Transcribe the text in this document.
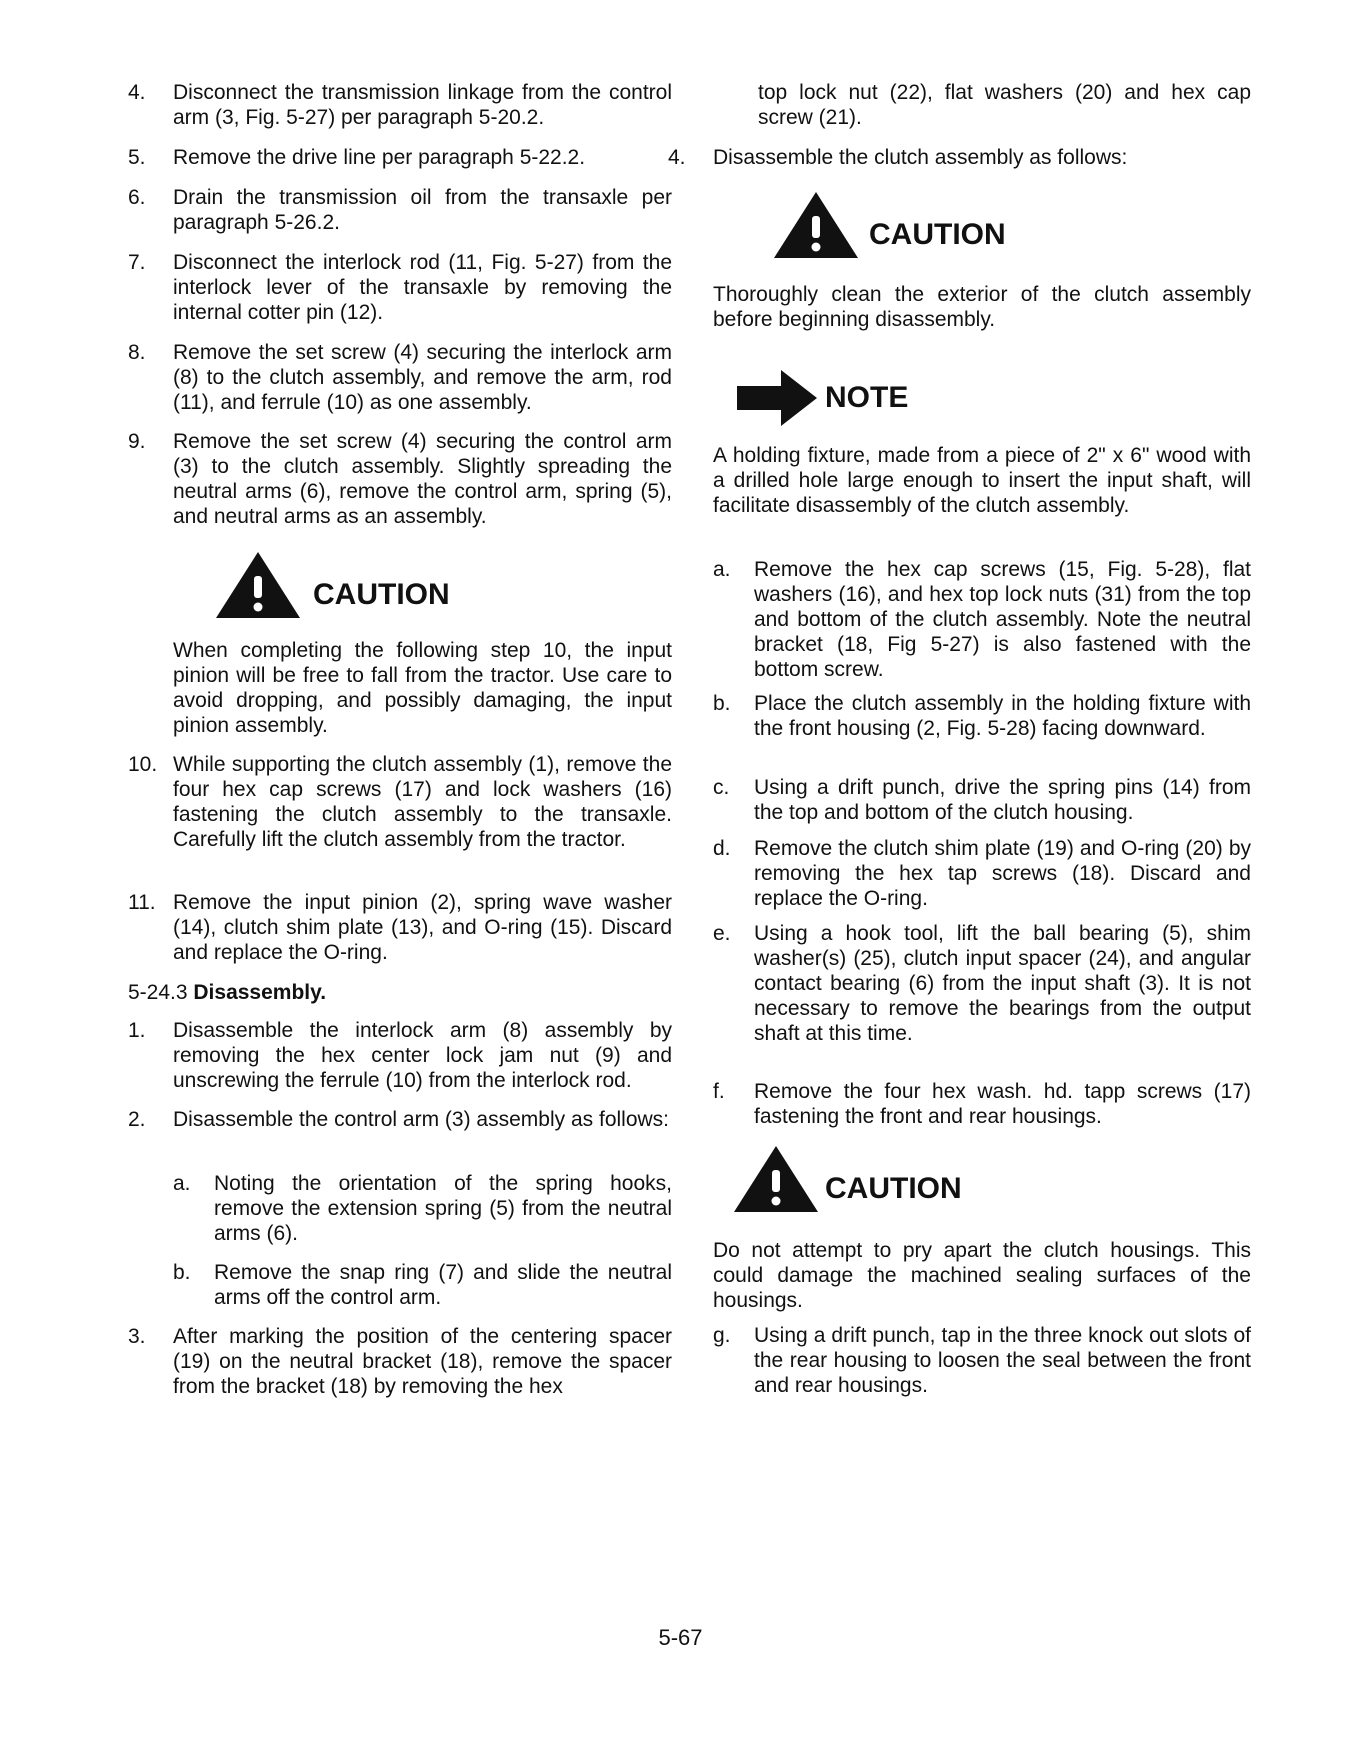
4. Disconnect the transmission linkage from the control arm (3, Fig. 5-27) per paragraph 5-20.2.
5. Remove the drive line per paragraph 5-22.2.
6. Drain the transmission oil from the transaxle per paragraph 5-26.2.
7. Disconnect the interlock rod (11, Fig. 5-27) from the interlock lever of the transaxle by removing the internal cotter pin (12).
8. Remove the set screw (4) securing the interlock arm (8) to the clutch assembly, and remove the arm, rod (11), and ferrule (10) as one assembly.
9. Remove the set screw (4) securing the control arm (3) to the clutch assembly. Slightly spreading the neutral arms (6), remove the control arm, spring (5), and neutral arms as an assembly.
CAUTION
When completing the following step 10, the input pinion will be free to fall from the tractor. Use care to avoid dropping, and possibly damaging, the input pinion assembly.
10. While supporting the clutch assembly (1), remove the four hex cap screws (17) and lock washers (16) fastening the clutch assembly to the transaxle. Carefully lift the clutch assembly from the tractor.
11. Remove the input pinion (2), spring wave washer (14), clutch shim plate (13), and O-ring (15). Discard and replace the O-ring.
5-24.3 Disassembly.
1. Disassemble the interlock arm (8) assembly by removing the hex center lock jam nut (9) and unscrewing the ferrule (10) from the interlock rod.
2. Disassemble the control arm (3) assembly as follows:
a. Noting the orientation of the spring hooks, remove the extension spring (5) from the neutral arms (6).
b. Remove the snap ring (7) and slide the neutral arms off the control arm.
3. After marking the position of the centering spacer (19) on the neutral bracket (18), remove the spacer from the bracket (18) by removing the hex
top lock nut (22), flat washers (20) and hex cap screw (21).
4. Disassemble the clutch assembly as follows:
CAUTION
Thoroughly clean the exterior of the clutch assembly before beginning disassembly.
NOTE
A holding fixture, made from a piece of 2" x 6" wood with a drilled hole large enough to insert the input shaft, will facilitate disassembly of the clutch assembly.
a. Remove the hex cap screws (15, Fig. 5-28), flat washers (16), and hex top lock nuts (31) from the top and bottom of the clutch assembly. Note the neutral bracket (18, Fig 5-27) is also fastened with the bottom screw.
b. Place the clutch assembly in the holding fixture with the front housing (2, Fig. 5-28) facing downward.
c. Using a drift punch, drive the spring pins (14) from the top and bottom of the clutch housing.
d. Remove the clutch shim plate (19) and O-ring (20) by removing the hex tap screws (18). Discard and replace the O-ring.
e. Using a hook tool, lift the ball bearing (5), shim washer(s) (25), clutch input spacer (24), and angular contact bearing (6) from the input shaft (3). It is not necessary to remove the bearings from the output shaft at this time.
f. Remove the four hex wash. hd. tapp screws (17) fastening the front and rear housings.
CAUTION
Do not attempt to pry apart the clutch housings. This could damage the machined sealing surfaces of the housings.
g. Using a drift punch, tap in the three knock out slots of the rear housing to loosen the seal between the front and rear housings.
5-67
